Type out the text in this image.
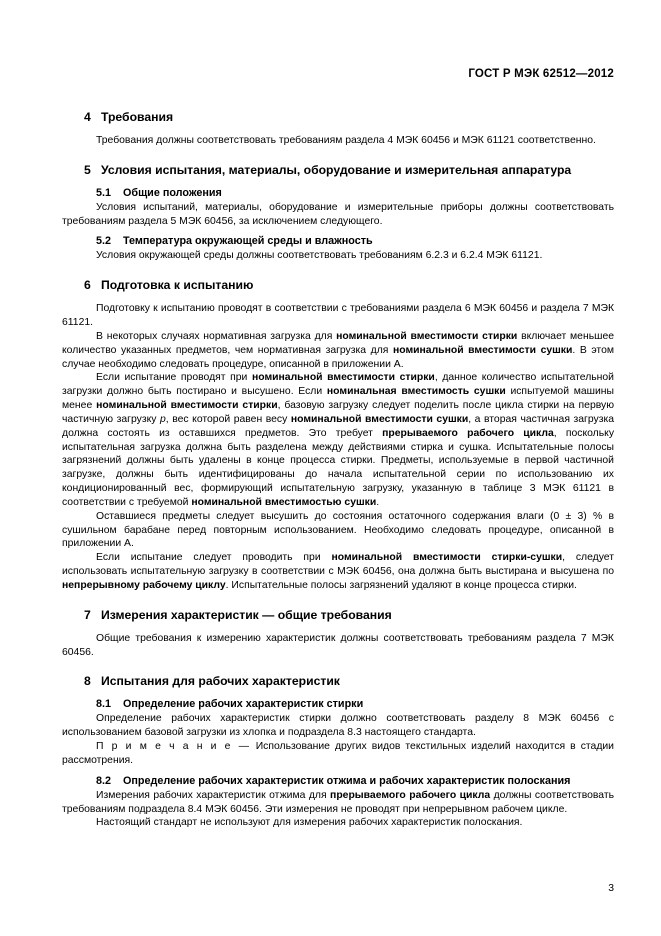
ГОСТ Р МЭК 62512—2012
4 Требования

Требования должны соответствовать требованиям раздела 4 МЭК 60456 и МЭК 61121 соответственно.

5 Условия испытания, материалы, оборудование и измерительная аппаратура
5.1 Общие положения

Условия испытаний, материалы, оборудование и измерительные приборы должны соответствовать требованиям раздела 5 МЭК 60456, за исключением следующего.

5.2 Температура окружающей среды и влажность

Условия окружающей среды должны соответствовать требованиям 6.2.3 и 6.2.4 МЭК 61121.

6 Подготовка к испытанию

Подготовку к испытанию проводят в соответствии с требованиями раздела 6 МЭК 60456 и раздела 7 МЭК 61121.

В некоторых случаях нормативная загрузка для номинальной вместимости стирки включает меньшее количество указанных предметов, чем нормативная загрузка для номинальной вместимости сушки. В этом случае необходимо следовать процедуре, описанной в приложении А.

Если испытание проводят при номинальной вместимости стирки, данное количество испытательной загрузки должно быть постирано и высушено. Если номинальная вместимость сушки испытуемой машины менее номинальной вместимости стирки, базовую загрузку следует поделить после цикла стирки на первую частичную загрузку p, вес которой равен весу номинальной вместимости сушки, а вторая частичная загрузка должна состоять из оставшихся предметов. Это требует прерываемого рабочего цикла, поскольку испытательная загрузка должна быть разделена между действиями стирка и сушка. Испытательные полосы загрязнений должны быть удалены в конце процесса стирки. Предметы, используемые в первой частичной загрузке, должны быть идентифицированы до начала испытательной серии по использованию их кондиционированный вес, формирующий испытательную загрузку, указанную в таблице 3 МЭК 61121 в соответствии с требуемой номинальной вместимостью сушки.

Оставшиеся предметы следует высушить до состояния остаточного содержания влаги (0 ± 3) % в сушильном барабане перед повторным использованием. Необходимо следовать процедуре, описанной в приложении А.

Если испытание следует проводить при номинальной вместимости стирки-сушки, следует использовать испытательную загрузку в соответствии с МЭК 60456, она должна быть выстирана и высушена по непрерывному рабочему циклу. Испытательные полосы загрязнений удаляют в конце процесса стирки.

7 Измерения характеристик — общие требования

Общие требования к измерению характеристик должны соответствовать требованиям раздела 7 МЭК 60456.

8 Испытания для рабочих характеристик
8.1 Определение рабочих характеристик стирки

Определение рабочих характеристик стирки должно соответствовать разделу 8 МЭК 60456 с использованием базовой загрузки из хлопка и подраздела 8.3 настоящего стандарта.

П р и м е ч а н и е — Использование других видов текстильных изделий находится в стадии рассмотрения.

8.2 Определение рабочих характеристик отжима и рабочих характеристик полоскания

Измерения рабочих характеристик отжима для прерываемого рабочего цикла должны соответствовать требованиям подраздела 8.4 МЭК 60456. Эти измерения не проводят при непрерывном рабочем цикле.

Настоящий стандарт не используют для измерения рабочих характеристик полоскания.

3
